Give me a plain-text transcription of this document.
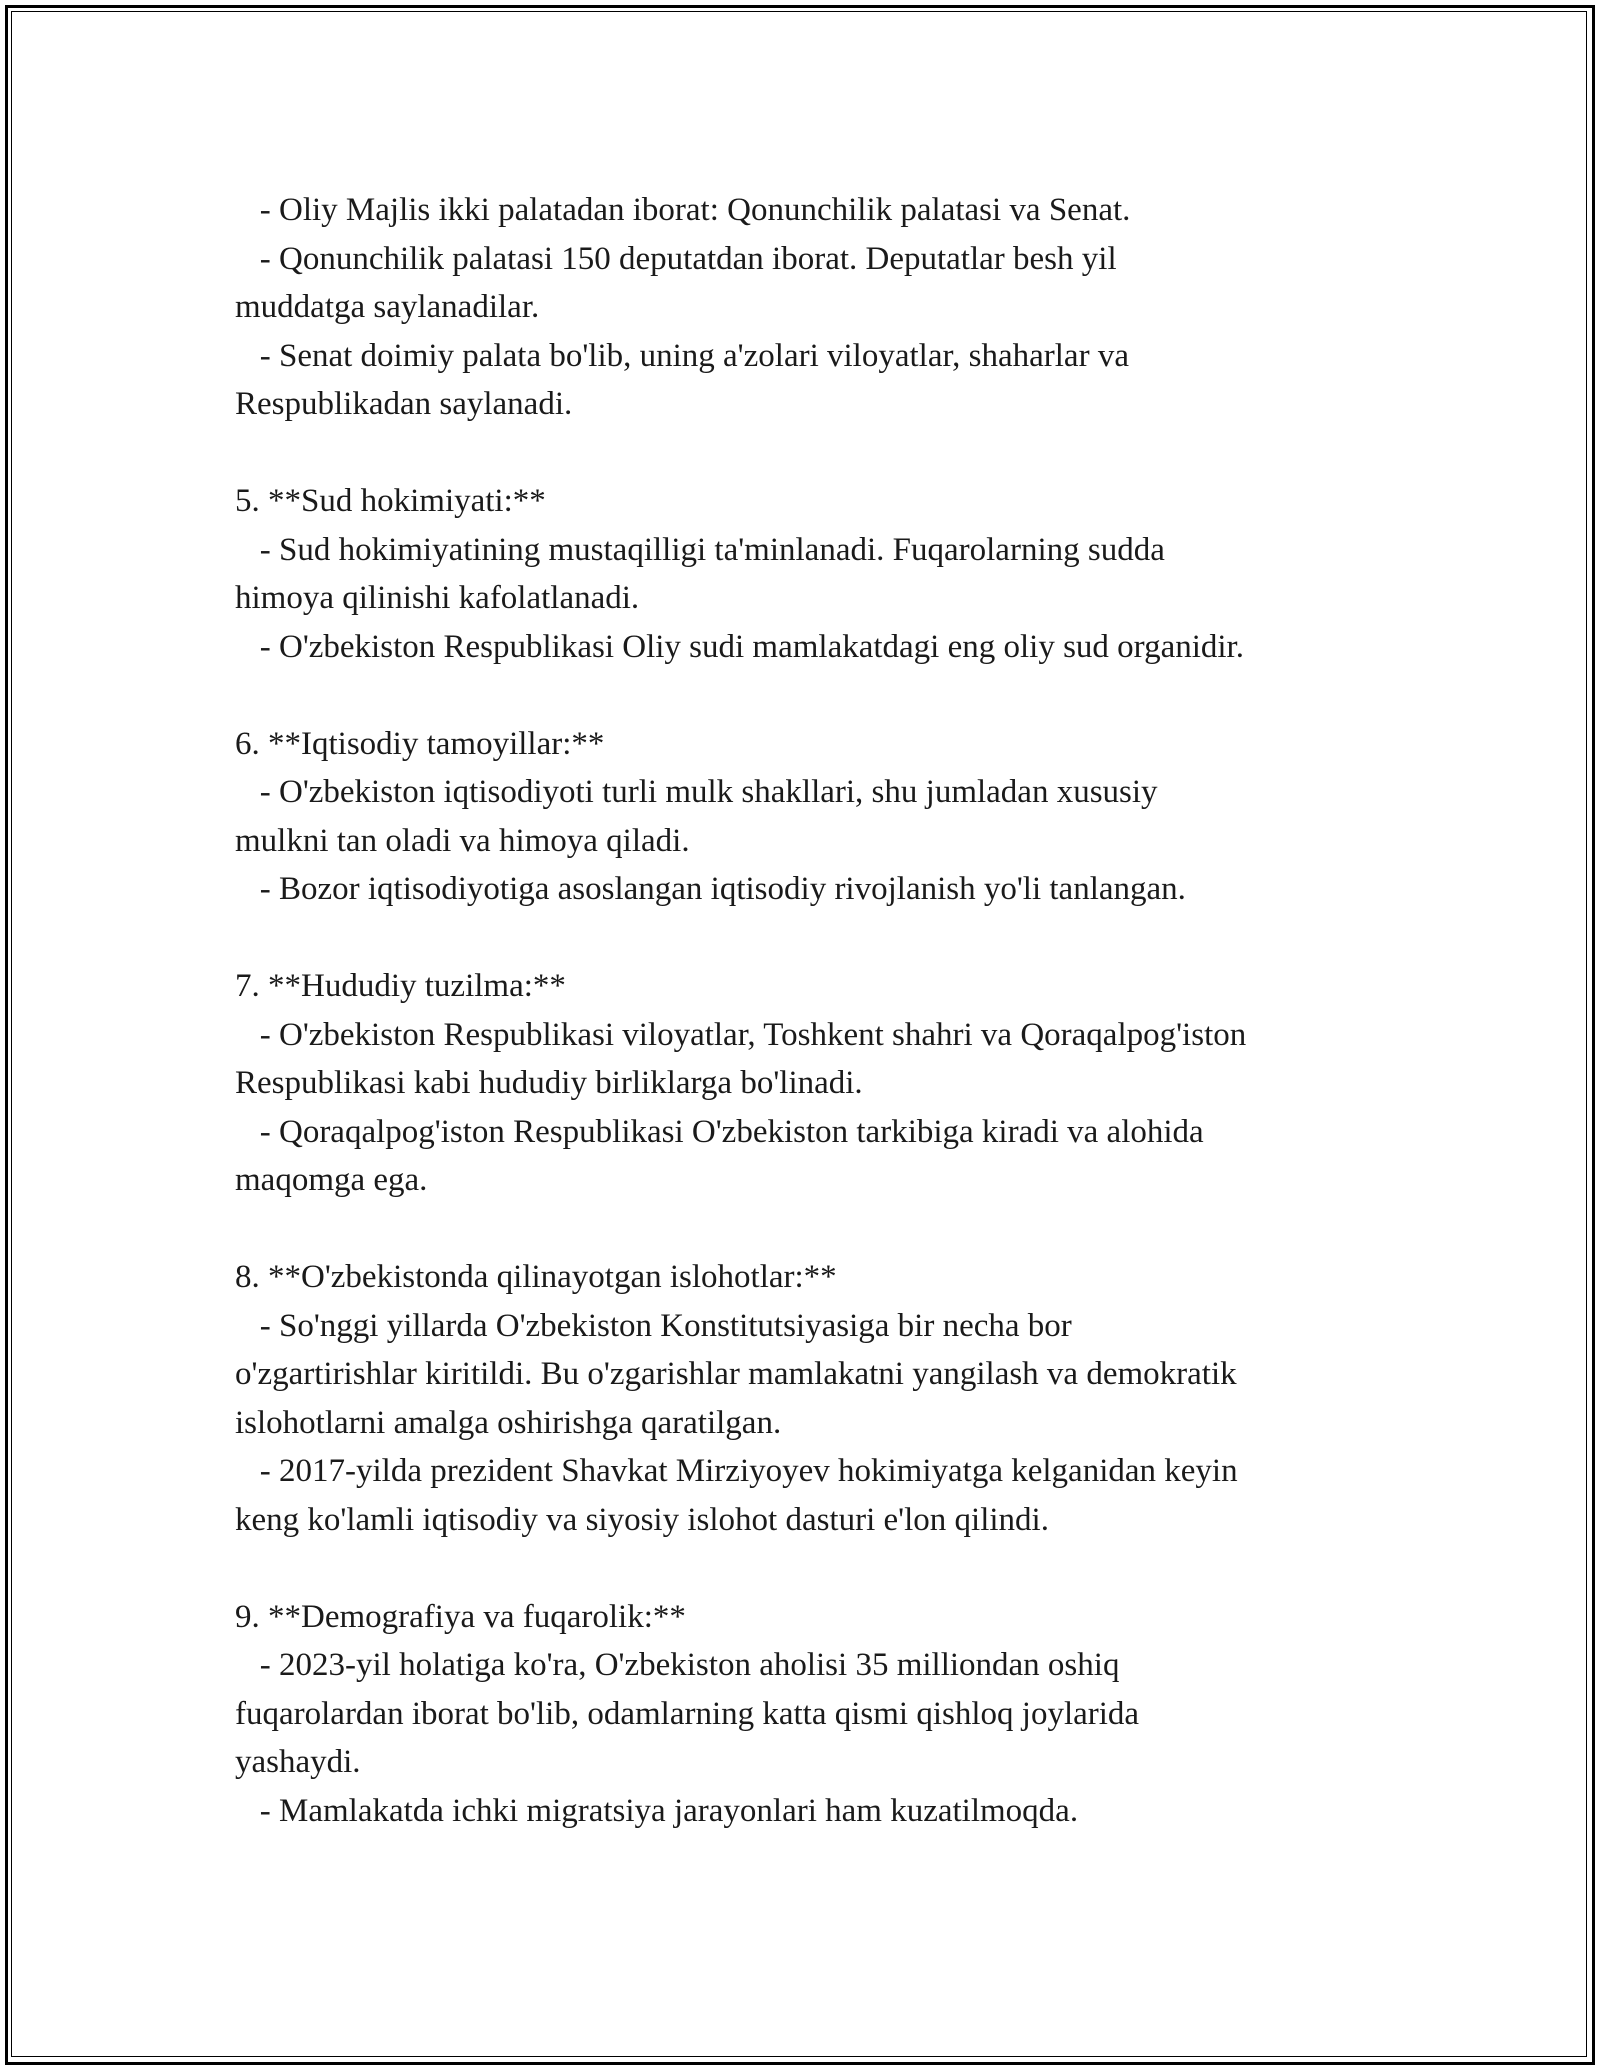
- Oliy Majlis ikki palatadan iborat: Qonunchilik palatasi va Senat.
- Qonunchilik palatasi 150 deputatdan iborat. Deputatlar besh yil
muddatga saylanadilar.
- Senat doimiy palata bo'lib, uning a'zolari viloyatlar, shaharlar va
Respublikadan saylanadi.
5. **Sud hokimiyati:**
- Sud hokimiyatining mustaqilligi ta'minlanadi. Fuqarolarning sudda
himoya qilinishi kafolatlanadi.
- O'zbekiston Respublikasi Oliy sudi mamlakatdagi eng oliy sud organidir.
6. **Iqtisodiy tamoyillar:**
- O'zbekiston iqtisodiyoti turli mulk shakllari, shu jumladan xususiy
mulkni tan oladi va himoya qiladi.
- Bozor iqtisodiyotiga asoslangan iqtisodiy rivojlanish yo'li tanlangan.
7. **Hududiy tuzilma:**
- O'zbekiston Respublikasi viloyatlar, Toshkent shahri va Qoraqalpog'iston
Respublikasi kabi hududiy birliklarga bo'linadi.
- Qoraqalpog'iston Respublikasi O'zbekiston tarkibiga kiradi va alohida
maqomga ega.
8. **O'zbekistonda qilinayotgan islohotlar:**
- So'nggi yillarda O'zbekiston Konstitutsiyasiga bir necha bor
o'zgartirishlar kiritildi. Bu o'zgarishlar mamlakatni yangilash va demokratik
islohotlarni amalga oshirishga qaratilgan.
- 2017-yilda prezident Shavkat Mirziyoyev hokimiyatga kelganidan keyin
keng ko'lamli iqtisodiy va siyosiy islohot dasturi e'lon qilindi.
9. **Demografiya va fuqarolik:**
- 2023-yil holatiga ko'ra, O'zbekiston aholisi 35 milliondan oshiq
fuqarolardan iborat bo'lib, odamlarning katta qismi qishloq joylarida
yashaydi.
- Mamlakatda ichki migratsiya jarayonlari ham kuzatilmoqda.
